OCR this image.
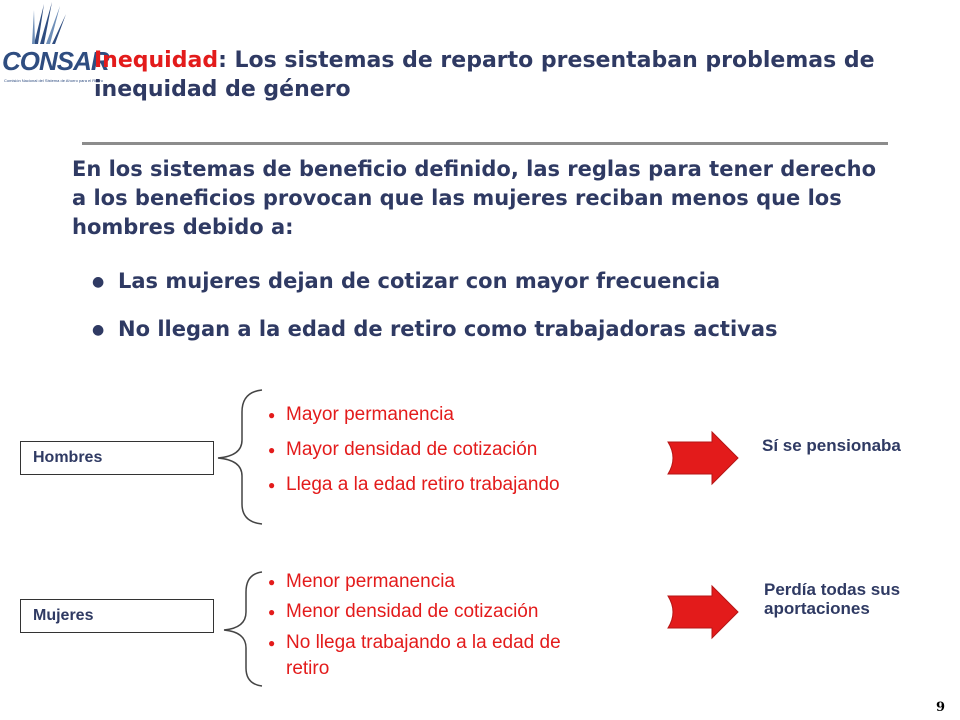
CONSAR
Comisión Nacional del Sistema de Ahorro para el Retiro
Inequidad: Los sistemas de reparto presentaban problemas de inequidad de género
En los sistemas de beneficio definido, las reglas para tener derecho a los beneficios provocan que las mujeres reciban menos que los hombres debido a:
● Las mujeres dejan de cotizar con mayor frecuencia
● No llegan a la edad de retiro como trabajadoras activas
Hombres
● Mayor permanencia
● Mayor densidad de cotización
● Llega a la edad retiro trabajando
Sí se pensionaba
Mujeres
● Menor permanencia
● Menor densidad de cotización
● No llega trabajando a la edad de
retiro
Perdía todas sus aportaciones
9
